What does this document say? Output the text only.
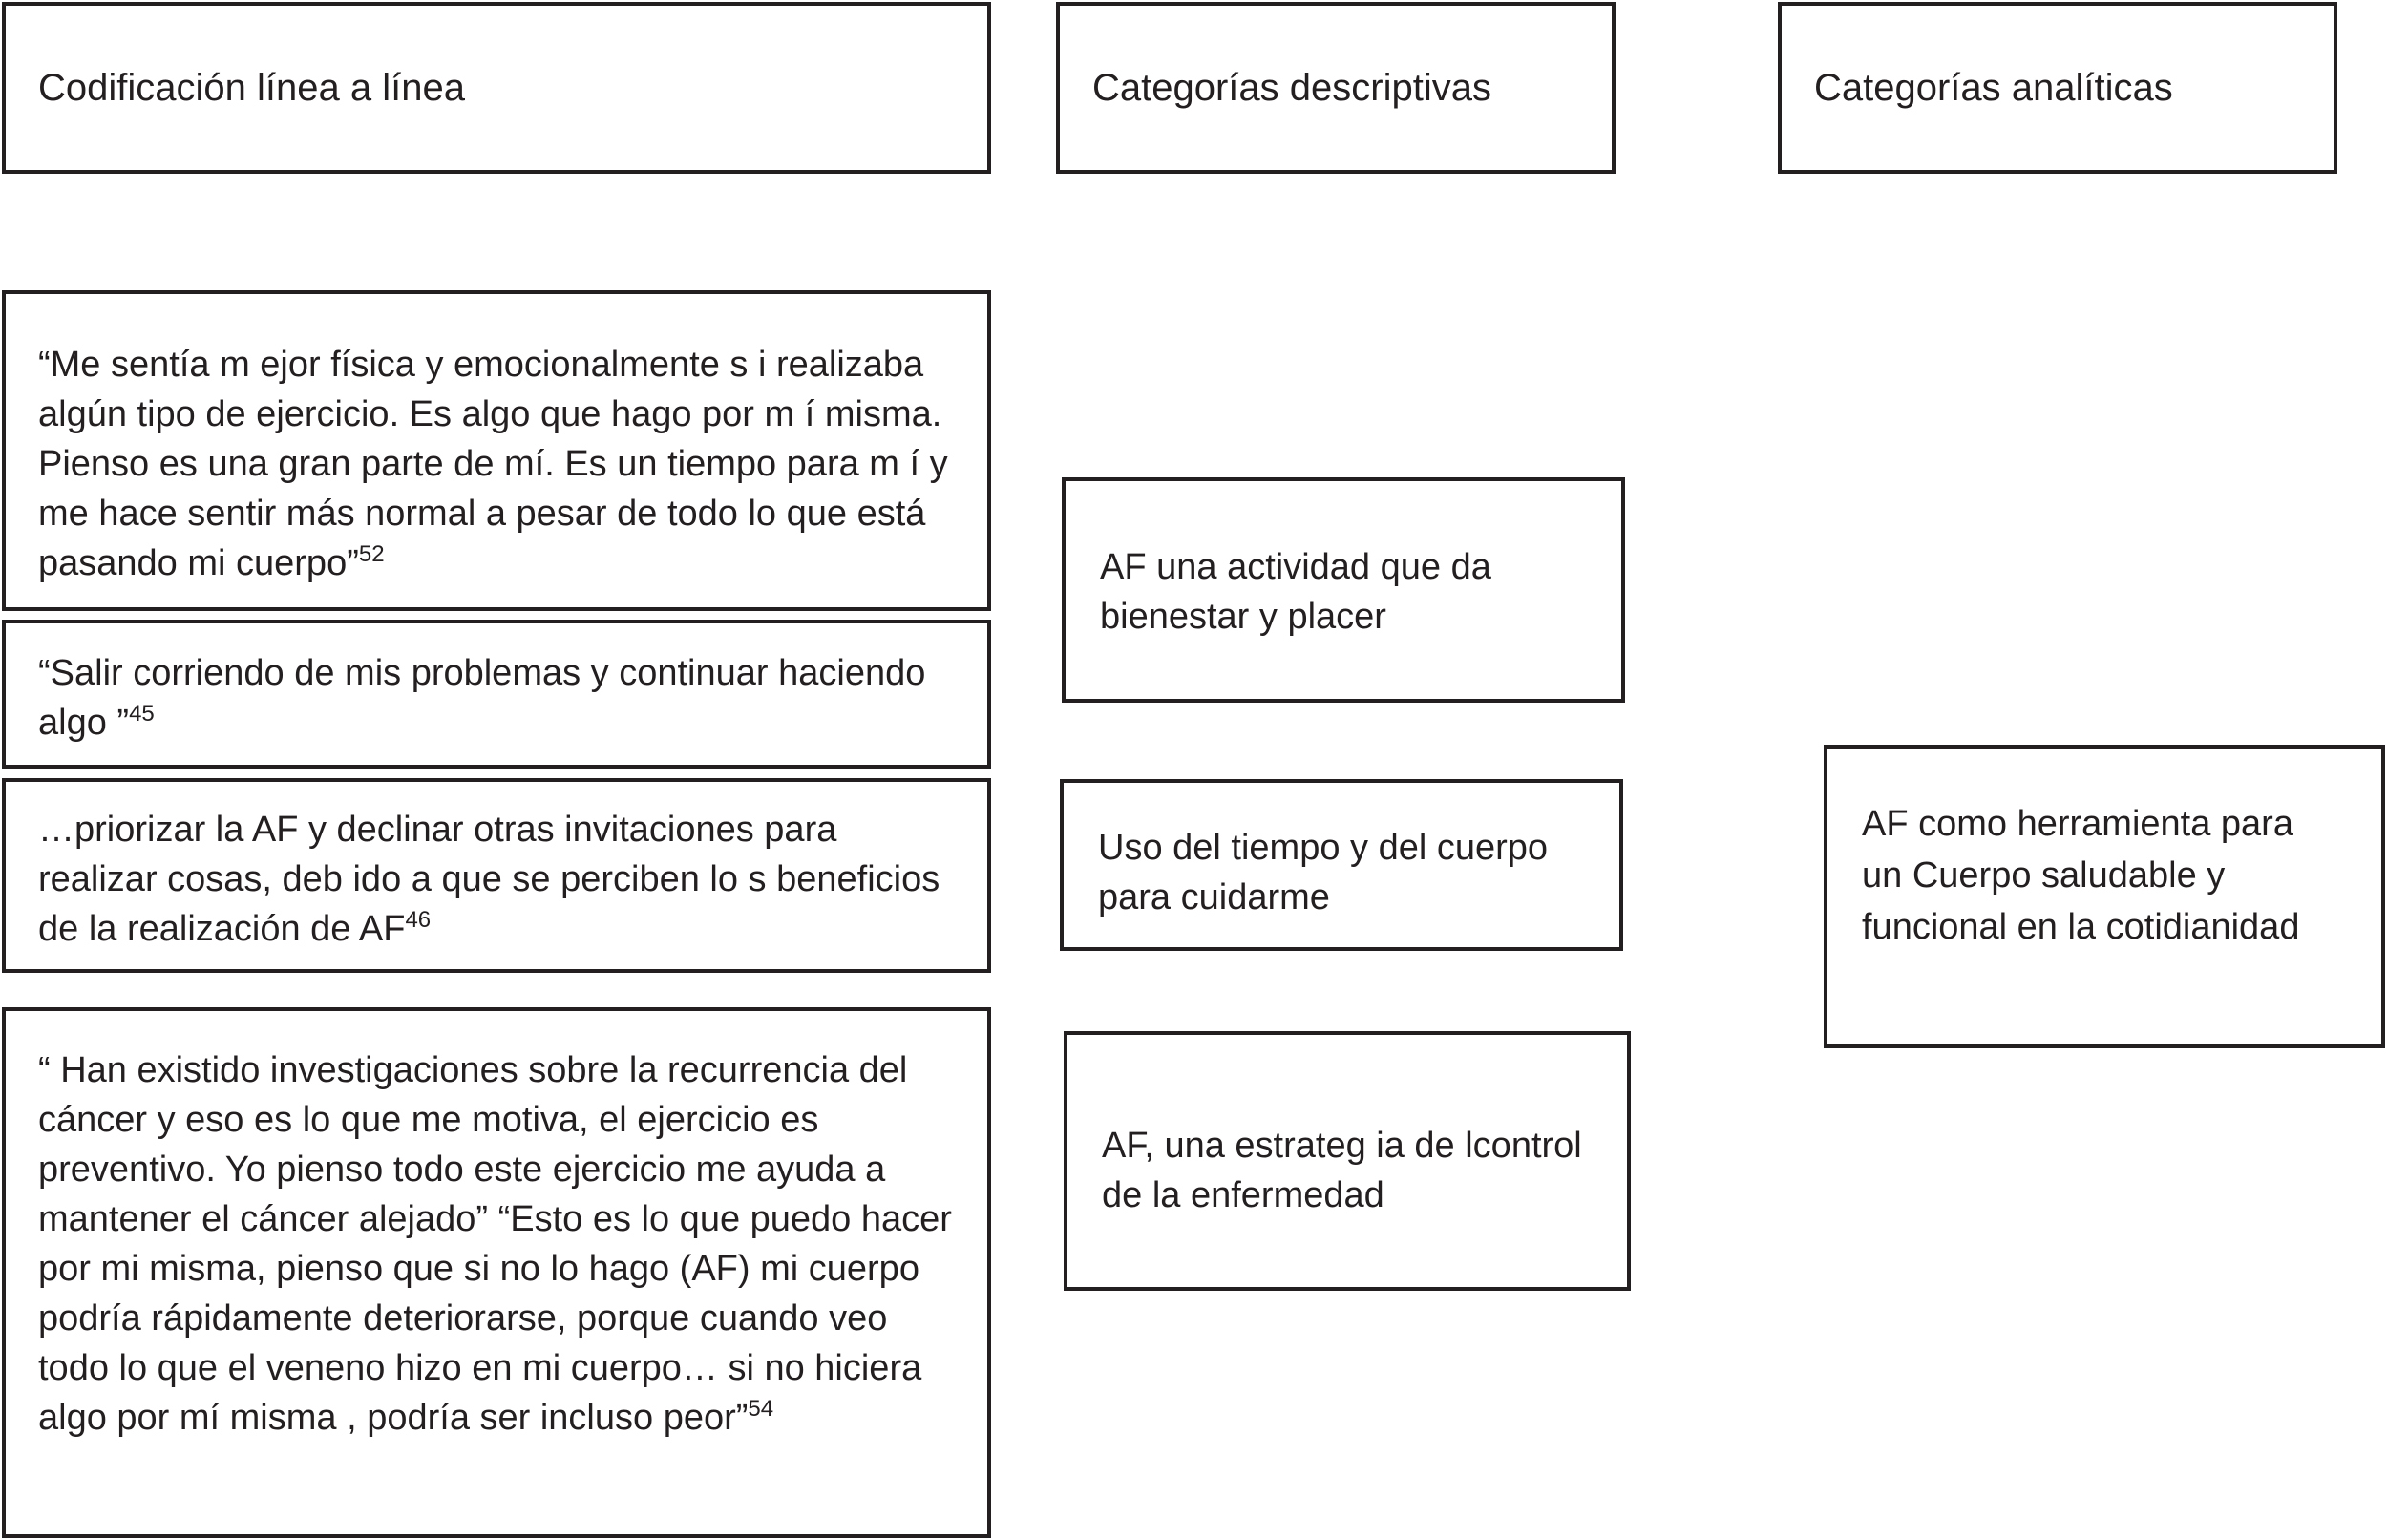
Codificación línea a línea	Categorías descriptivas	Categorías analíticas

“Me sentía m ejor física y emocionalmente s i realizaba algún tipo de ejercicio. Es algo que hago por m í misma. Pienso es una gran parte de mí. Es un tiempo para m í y me hace sentir más normal a pesar de todo lo que está pasando mi cuerpo”$^{52}$

“Salir corriendo de mis problemas y continuar haciendo algo ”$^{45}$

…priorizar la AF y declinar otras invitaciones para realizar cosas, deb ido a que se perciben lo s beneficios de la realización de AF$^{46}$

“ Han existido investigaciones sobre la recurrencia del cáncer y eso es lo que me motiva, el ejercicio es preventivo. Yo pienso todo este ejercicio me ayuda a mantener el cáncer alejado” “Esto es lo que puedo hacer por mi misma, pienso que si no lo hago (AF) mi cuerpo podría rápidamente deteriorarse, porque cuando veo todo lo que el veneno hizo en mi cuerpo… si no hiciera algo por mí misma , podría ser incluso peor”$^{54}$

AF una actividad que da bienestar y placer
Uso del tiempo y del cuerpo para cuidarme
AF, una estrateg ia de lcontrol de la enfermedad
AF como herramienta para un Cuerpo saludable y funcional en la cotidianidad
